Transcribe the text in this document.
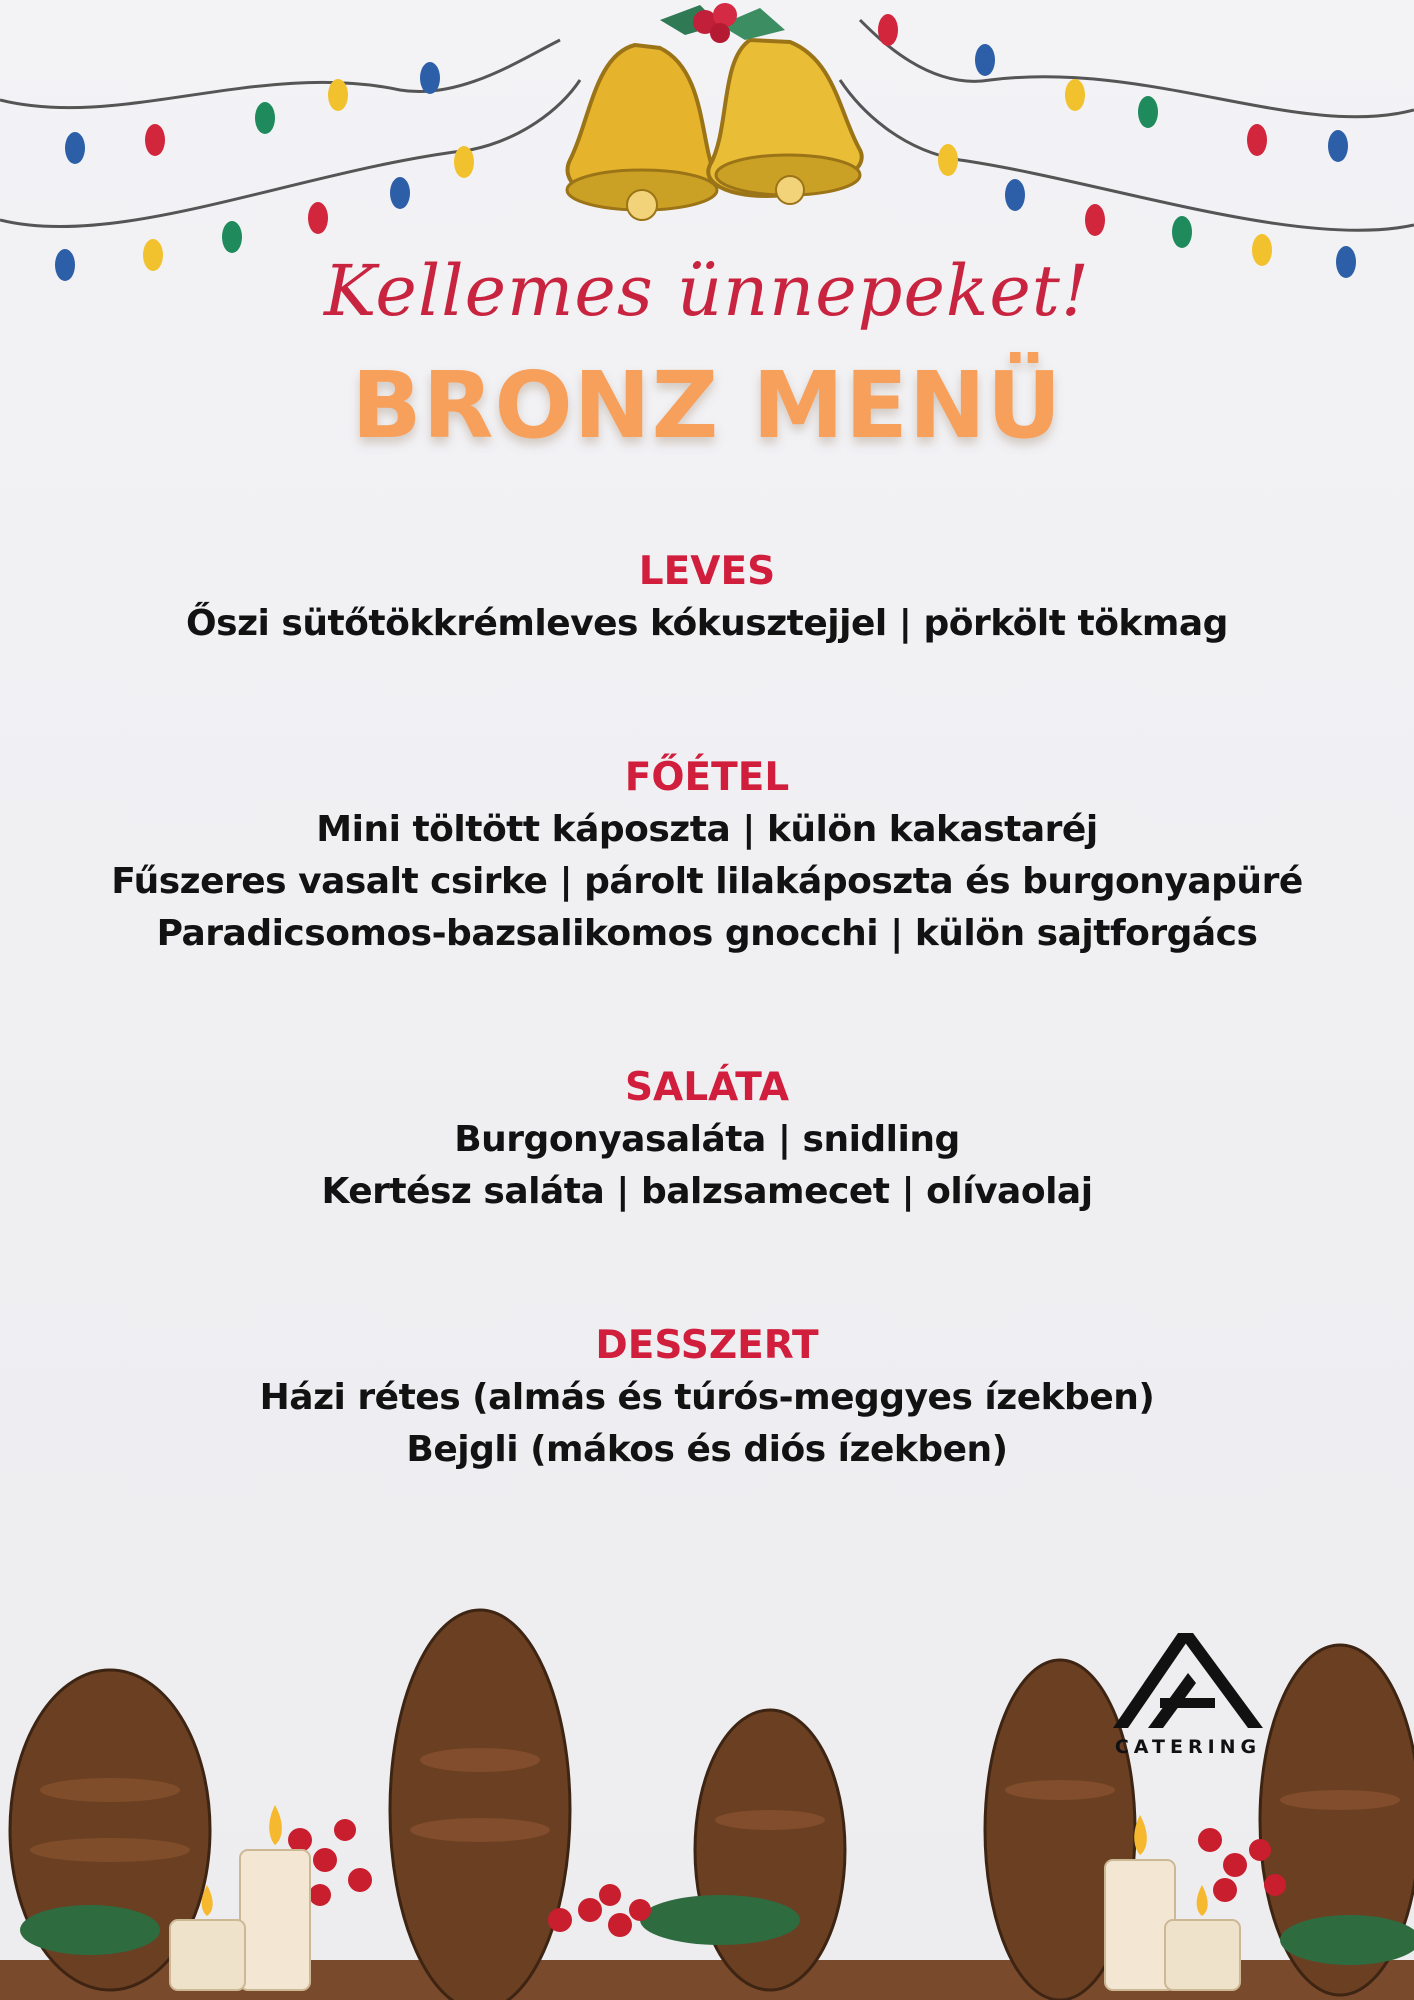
Kellemes ünnepeket!
BRONZ MENÜ
LEVES
Őszi sütőtökkrémleves kókusztejjel | pörkölt tökmag
FŐÉTEL
Mini töltött káposzta | külön kakastaréj
Fűszeres vasalt csirke | párolt lilakáposzta és burgonyapüré
Paradicsomos-bazsalikomos gnocchi | külön sajtforgács
SALÁTA
Burgonyasaláta | snidling
Kertész saláta | balzsamecet | olívaolaj
DESSZERT
Házi rétes (almás és túrós-meggyes ízekben)
Bejgli (mákos és diós ízekben)
CATERING
